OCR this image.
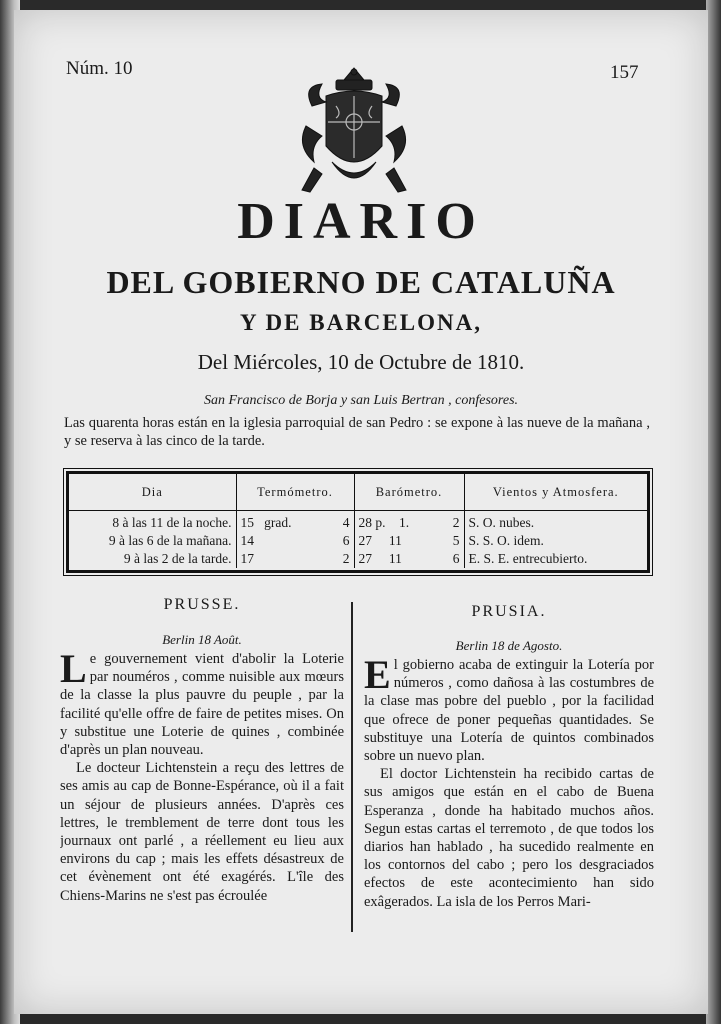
Núm. 10	157
DIARIO
DEL GOBIERNO DE CATALUÑA
Y DE BARCELONA,
Del Miércoles, 10 de Octubre de 1810.
San Francisco de Borja y san Luis Bertran , confesores.
Las quarenta horas están en la iglesia parroquial de san Pedro : se expone à las nueve de la mañana , y se reserva à las cinco de la tarde.
Dia	Termómetro.	Barómetro.	Vientos y Atmosfera.
8 à las 11 de la noche.	15 grad. 4	28 p. 1. 2	S. O. nubes.
9 à las 6 de la mañana.	14 6	27 11 5	S. S. O. idem.
9 à las 2 de la tarde.	17 2	27 11 6	E. S. E. entrecubierto.
PRUSSE.
Berlin 18 Août.

Le gouvernement vient d'abolir la Loterie par nouméros , comme nuisible aux mœurs de la classe la plus pauvre du peuple , par la facilité qu'elle offre de faire de petites mises. On y substitue une Loterie de quines , combinée d'après un plan nouveau.

Le docteur Lichtenstein a reçu des lettres de ses amis au cap de Bonne-Espérance, où il a fait un séjour de plusieurs années. D'après ces lettres, le tremblement de terre dont tous les journaux ont parlé , a réellement eu lieu aux environs du cap ; mais les effets désastreux de cet évènement ont été exagérés. L'île des Chiens-Marins ne s'est pas écroulée

PRUSIA.
Berlin 18 de Agosto.

El gobierno acaba de extinguir la Lotería por números , como dañosa à las costumbres de la clase mas pobre del pueblo , por la facilidad que ofrece de poner pequeñas quantidades. Se substituye una Lotería de quintos combinados sobre un nuevo plan.

El doctor Lichtenstein ha recibido cartas de sus amigos que están en el cabo de Buena Esperanza , donde ha habitado muchos años. Segun estas cartas el terremoto , de que todos los diarios han hablado , ha sucedido realmente en los contornos del cabo ; pero los desgraciados efectos de este acontecimiento han sido exâgerados. La isla de los Perros Mari-
